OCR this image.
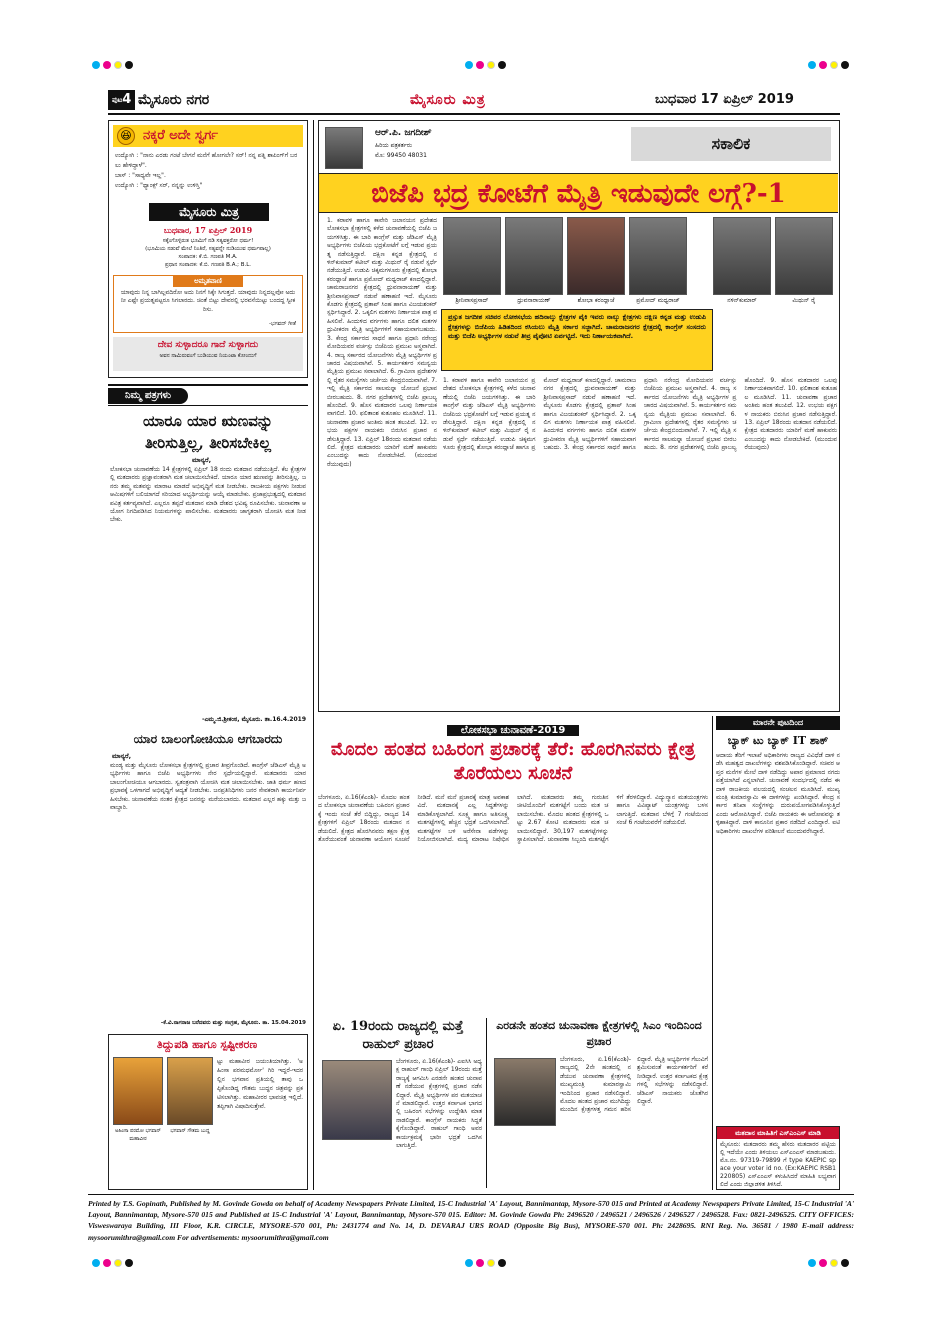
$^{ಪುಟ}$4 ಮೈಸೂರು ನಗರ	ಮೈಸೂರು ಮಿತ್ರ	ಬುಧವಾರ 17 ಏಪ್ರಿಲ್ 2019
😆 ನಕ್ಕರೆ ಅದೇ ಸ್ವರ್ಗ
ಉದ್ಯೋಗಿ : "ನಾನು ಎರಡು ಗಂಟೆ ಬೇಗನೆ ಮನೆಗೆ ಹೋಗಲೇ? ಸರ್! ನನ್ನ ಪತ್ನಿ ಶಾಪಿಂಗ್‌ಗೆ ಬರಲು ಹೇಳಿದ್ದಾಳೆ".
ಬಾಸ್ : "ಸಾಧ್ಯವೇ ಇಲ್ಲ".
ಉದ್ಯೋಗಿ : "ಥ್ಯಾಂಕ್ಸ್ ಸರ್, ನನ್ನನ್ನು ಉಳಿಸ್ತಿ"
ಮೈಸೂರು ಮಿತ್ರ
ಬುಧವಾರ, 17 ಏಪ್ರಿಲ್ 2019
ಸಕ್ಕೆಂಗೊಳ್ಳಿರುತ ಭೂಮಿಗೆ ನಡಿ ಸತ್ಯವಕ್ತರೋ ಧರ್ಮ!
(ಭೂಮಿಯ ನಡುವೆ ಮೇಲೆ ನಿಂತಿರೆ, ಸತ್ಯವನ್ನೇ ನುಡಿಯುವ ಧರ್ಮಪಾಲ್ಲ)
ಸಂಪಾದಕ: ಕೆ.ಬಿ. ಗಣಪತಿ M.A.
ಪ್ರಧಾನ ಸಂಪಾದಕ: ಕೆ.ಬಿ. ಗಣಪತಿ B.A.; B.L.
ಅಮೃತವಾಣಿ
ಯಾವುದು ನಿನ್ನ ಬಾಗಿಲ್ಲವದಿರೋ ಅದು ನಿನಗೆ ಸಿಕ್ಕೇ ಸಿಗುತ್ತದೆ. ಯಾವುದು ನಿನ್ನದಲ್ಲವೋ ಅದು ನೀ ಎಷ್ಟೇ ಪ್ರಯತ್ನಪಟ್ಟರೂ ಸಿಗಲಾರದು. ಚಿಂತೆ ಬಿಟ್ಟು ದೇವರಲ್ಲಿ ಭರವಸೆಯಿಟ್ಟು ಬಂದದ್ದ ಸ್ವೀಕರಿಸು.
-ಭಗವದ್ ಗೀತೆ
ದೇವ ಸುಳ್ಳಾದರೂ ಗಾದೆ ಸುಳ್ಳಾಗದು
ಅವನ ನಾಮಿರುವಂಗೆ ಬುಡಿಯುವ ನಿಯಂಟಾ ಕೋಂದುಗೆ
ನಿಮ್ಮ ಪತ್ರಗಳು
ಯಾರೂ ಯಾರ ಋಣವನ್ನು ತೀರಿಸುತ್ತಿಲ್ಲ, ತೀರಿಸಬೇಕಿಲ್ಲ
ಮಾನ್ಯರೆ,
ಲೋಕಸಭಾ ಚುನಾವಣೆಯ 14 ಕ್ಷೇತ್ರಗಳಲ್ಲಿ ಏಪ್ರಿಲ್ 18 ರಂದು ಮತದಾನ ನಡೆಯುತ್ತಿದೆ. ಕೆಲ ಕ್ಷೇತ್ರಗಳಲ್ಲಿ ಮತದಾರರು ಪ್ರಜ್ಞಾವಂತರಾಗಿ ಮತ ಚಲಾಯಿಸಬೇಕಿದೆ. ಯಾರೂ ಯಾರ ಋಣವನ್ನು ತೀರಿಸುತ್ತಿಲ್ಲ. ಜನರು ತಮ್ಮ ಮತವನ್ನು ಮಾರಾಟ ಮಾಡದೆ ಅಭಿವೃದ್ಧಿಗೆ ಮತ ನೀಡಬೇಕು. ರಾಜಕೀಯ ಪಕ್ಷಗಳು ನೀಡುವ ಆಮಿಷಗಳಿಗೆ ಬಲಿಯಾಗದೆ ಸರಿಯಾದ ಅಭ್ಯರ್ಥಿಯನ್ನು ಆಯ್ಕೆ ಮಾಡಬೇಕು. ಪ್ರಜಾಪ್ರಭುತ್ವದಲ್ಲಿ ಮತದಾನ ಪವಿತ್ರ ಕರ್ತವ್ಯವಾಗಿದೆ. ಎಲ್ಲರೂ ತಪ್ಪದೆ ಮತದಾನ ಮಾಡಿ ದೇಶದ ಭವಿಷ್ಯ ರೂಪಿಸಬೇಕು. ಚುನಾವಣಾ ಆಯೋಗ ನಿಗದಿಪಡಿಸಿದ ನಿಯಮಗಳನ್ನು ಪಾಲಿಸಬೇಕು. ಮತದಾರರು ಜಾಗೃತರಾಗಿ ಯೋಚಿಸಿ ಮತ ನೀಡಬೇಕು.
-ಎಮ್ಮ.ಜಿ.ಶ್ರೀಕಂಠ, ಮೈಸೂರು. ತಾ.16.4.2019
ಯಾರ ಬಾಲಂಗೋಚಿಯೂ ಆಗಬಾರದು
ಮಾನ್ಯರೆ,
ಮಂಡ್ಯ ಮತ್ತು ಮೈಸೂರು ಲೋಕಸಭಾ ಕ್ಷೇತ್ರಗಳಲ್ಲಿ ಪ್ರಚಾರ ತೀವ್ರಗೊಂಡಿದೆ. ಕಾಂಗ್ರೆಸ್ ಜೆಡಿಎಸ್ ಮೈತ್ರಿ ಅಭ್ಯರ್ಥಿಗಳು ಹಾಗೂ ಬಿಜೆಪಿ ಅಭ್ಯರ್ಥಿಗಳು ನೇರ ಸ್ಪರ್ಧೆಯಲ್ಲಿದ್ದಾರೆ. ಮತದಾರರು ಯಾರ ಬಾಲಂಗೋಚಿಯೂ ಆಗಬಾರದು. ಸ್ವತಂತ್ರವಾಗಿ ಯೋಚಿಸಿ ಮತ ಚಲಾಯಿಸಬೇಕು. ಜಾತಿ ಧರ್ಮ ಹಣದ ಪ್ರಭಾವಕ್ಕೆ ಒಳಗಾಗದೆ ಅಭಿವೃದ್ಧಿಗೆ ಆದ್ಯತೆ ನೀಡಬೇಕು. ಜನಪ್ರತಿನಿಧಿಗಳು ಜನರ ಸೇವಕರಾಗಿ ಕಾರ್ಯನಿರ್ವಹಿಸಬೇಕು. ಚುನಾವಣೆಯ ನಂತರ ಕ್ಷೇತ್ರದ ಜನರನ್ನು ಮರೆಯಬಾರದು. ಮತದಾನ ಎಲ್ಲರ ಹಕ್ಕು ಮತ್ತು ಜವಾಬ್ದಾರಿ.
-ಕೆ.ವಿ.ನಾಗರಾಜ ಬರೆದವರು ಮತ್ತು ಸಂಗ್ರಹ, ಮೈಸೂರು. ತಾ. 15.04.2019
ತಿದ್ದುಪಡಿ ಹಾಗೂ ಸ್ಪಷ್ಟೀಕರಣ
ಅಹಿಂಸಾ ಪರಮೋ ಭಗವಾನ್ ಮಹಾವೀರ
ಭಗವಾನ್ ಗೌತಮ ಬುದ್ಧ
ಟ್ಟು ಮಹಾವೀರ ಜಯಂತಿಯಾಗಿತ್ತು. 'ಅಹಿಂಸಾ ಪರಮಧರ್ಮೋ' ಗಿರಿ ಇದ್ದರೆ-ಇದರಲ್ಲಿನ ಭಗವಾನ ಪ್ರತಿಯಲ್ಲಿ ತಾವು ಒಪ್ಪಿಕೊಂಡಿದ್ದ ಗೌತಮ ಬುದ್ಧನ ಚಿತ್ರವನ್ನು ಪ್ರಕಟಿಸಲಾಗಿತ್ತು. ಮಹಾವೀರರ ಭಾವಚಿತ್ರ ಇಲ್ಲಿದೆ. ತಪ್ಪಿಗಾಗಿ ವಿಷಾದಿಸುತ್ತೇವೆ.
ಆರ್.ಪಿ. ಜಗದೀಶ್
ಹಿರಿಯ ಪತ್ರಕರ್ತರು
ಮೊ: 99450 48031
ಸಕಾಲಿಕ
ಬಿಜೆಪಿ ಭದ್ರ ಕೋಟೆಗೆ ಮೈತ್ರಿ ಇಡುವುದೇ ಲಗ್ಗೆ?-1
ಶ್ರೀನಿವಾಸಪ್ರಸಾದ್	ಧ್ರುವನಾರಾಯಣ್	ಶೋಭಾ ಕರಂದ್ಲಾಜೆ	ಪ್ರಮೋದ್ ಮಧ್ವರಾಜ್	ನಳಿನ್‌ಕುಮಾರ್	ಮಿಥುನ್ ರೈ
ಪ್ರಸ್ತುತ ಜಗದೀಶ ಸಚಿವರ ಲೋಕಸಭೆಯ ಹದಿನಾಲ್ಕು ಕ್ಷೇತ್ರಗಳ ಪೈಕಿ ಇವರು ನಾಲ್ಕು ಕ್ಷೇತ್ರಗಳು ದಕ್ಷಿಣ ಕನ್ನಡ ಮತ್ತು ಉಡುಪಿ ಕ್ಷೇತ್ರಗಳನ್ನು ಬಿಜೆಪಿಯ ಹಿಡಿತದಿಂದ ಕಸಿಯಲು ಮೈತ್ರಿ ಸರ್ಕಾರ ಸಜ್ಜಾಗಿದೆ. ಚಾಮರಾಜನಗರ ಕ್ಷೇತ್ರದಲ್ಲಿ ಕಾಂಗ್ರೆಸ್ ಸಂಸದರು ಮತ್ತು ಬಿಜೆಪಿ ಅಭ್ಯರ್ಥಿಗಳ ನಡುವೆ ತೀವ್ರ ಪೈಪೋಟಿ ಏರ್ಪಟ್ಟಿದೆ. ಇದು ನಿರ್ಣಾಯಕವಾಗಿದೆ.
1. ಕರಾವಳಿ ಹಾಗೂ ಕಾವೇರಿ ಜಲಾನಯನ ಪ್ರದೇಶದ ಲೋಕಸಭಾ ಕ್ಷೇತ್ರಗಳಲ್ಲಿ ಕಳೆದ ಚುನಾವಣೆಯಲ್ಲಿ ಬಿಜೆಪಿ ಜಯಗಳಿಸಿತ್ತು. ಈ ಬಾರಿ ಕಾಂಗ್ರೆಸ್ ಮತ್ತು ಜೆಡಿಎಸ್ ಮೈತ್ರಿ ಅಭ್ಯರ್ಥಿಗಳು ಬಿಜೆಪಿಯ ಭದ್ರಕೋಟೆಗೆ ಲಗ್ಗೆ ಇಡುವ ಪ್ರಯತ್ನ ನಡೆಸುತ್ತಿದ್ದಾರೆ. ದಕ್ಷಿಣ ಕನ್ನಡ ಕ್ಷೇತ್ರದಲ್ಲಿ ನಳಿನ್‌ಕುಮಾರ್ ಕಟೀಲ್ ಮತ್ತು ಮಿಥುನ್ ರೈ ನಡುವೆ ಸ್ಪರ್ಧೆ ನಡೆಯುತ್ತಿದೆ. ಉಡುಪಿ ಚಿಕ್ಕಮಗಳೂರು ಕ್ಷೇತ್ರದಲ್ಲಿ ಶೋಭಾ ಕರಂದ್ಲಾಜೆ ಹಾಗೂ ಪ್ರಮೋದ್ ಮಧ್ವರಾಜ್ ಕಣದಲ್ಲಿದ್ದಾರೆ. ಚಾಮರಾಜನಗರ ಕ್ಷೇತ್ರದಲ್ಲಿ ಧ್ರುವನಾರಾಯಣ್ ಮತ್ತು ಶ್ರೀನಿವಾಸಪ್ರಸಾದ್ ನಡುವೆ ಹಣಾಹಣಿ ಇದೆ. ಮೈಸೂರು ಕೊಡಗು ಕ್ಷೇತ್ರದಲ್ಲಿ ಪ್ರತಾಪ್ ಸಿಂಹ ಹಾಗೂ ವಿಜಯಶಂಕರ್ ಸ್ಪರ್ಧಿಸಿದ್ದಾರೆ. 2. ಒಕ್ಕಲಿಗ ಮತಗಳು ನಿರ್ಣಾಯಕ ಪಾತ್ರ ವಹಿಸಲಿವೆ. ಹಿಂದುಳಿದ ವರ್ಗಗಳು ಹಾಗೂ ದಲಿತ ಮತಗಳ ಧ್ರುವೀಕರಣ ಮೈತ್ರಿ ಅಭ್ಯರ್ಥಿಗಳಿಗೆ ಸಹಾಯವಾಗಬಹುದು. 3. ಕೇಂದ್ರ ಸರ್ಕಾರದ ಸಾಧನೆ ಹಾಗೂ ಪ್ರಧಾನಿ ನರೇಂದ್ರ ಮೋದಿಯವರ ವರ್ಚಸ್ಸು ಬಿಜೆಪಿಯ ಪ್ರಮುಖ ಅಸ್ತ್ರವಾಗಿದೆ. 4. ರಾಜ್ಯ ಸರ್ಕಾರದ ಯೋಜನೆಗಳು ಮೈತ್ರಿ ಅಭ್ಯರ್ಥಿಗಳ ಪ್ರಚಾರದ ವಿಷಯವಾಗಿವೆ. 5. ಕಾರ್ಯಕರ್ತರ ಸಮನ್ವಯ ಮೈತ್ರಿಯ ಪ್ರಮುಖ ಸವಾಲಾಗಿದೆ. 6. ಗ್ರಾಮೀಣ ಪ್ರದೇಶಗಳಲ್ಲಿ ರೈತರ ಸಮಸ್ಯೆಗಳು ಚರ್ಚೆಯ ಕೇಂದ್ರಬಿಂದುವಾಗಿವೆ. 7. ಇಲ್ಲಿ ಮೈತ್ರಿ ಸರ್ಕಾರದ ಸಾಲಮನ್ನಾ ಯೋಜನೆ ಪ್ರಭಾವ ಬೀರಬಹುದು. 8. ನಗರ ಪ್ರದೇಶಗಳಲ್ಲಿ ಬಿಜೆಪಿ ಪ್ರಾಬಲ್ಯ ಹೊಂದಿದೆ. 9. ಹೊಸ ಮತದಾರರ ಒಲವು ನಿರ್ಣಾಯಕವಾಗಲಿದೆ. 10. ಫಲಿತಾಂಶ ಕುತೂಹಲ ಮೂಡಿಸಿದೆ. 11. ಚುನಾವಣಾ ಪ್ರಚಾರ ಅಂತಿಮ ಹಂತ ತಲುಪಿದೆ. 12. ಉಭಯ ಪಕ್ಷಗಳ ನಾಯಕರು ಬಿರುಸಿನ ಪ್ರಚಾರ ನಡೆಸುತ್ತಿದ್ದಾರೆ. 13. ಏಪ್ರಿಲ್ 18ರಂದು ಮತದಾನ ನಡೆಯಲಿದೆ. ಕ್ಷೇತ್ರದ ಮತದಾರರು ಯಾರಿಗೆ ಮಣೆ ಹಾಕುವರು ಎಂಬುದನ್ನು ಕಾದು ನೋಡಬೇಕಿದೆ. (ಮುಂದುವರೆಯುವುದು)
1. ಕರಾವಳಿ ಹಾಗೂ ಕಾವೇರಿ ಜಲಾನಯನ ಪ್ರದೇಶದ ಲೋಕಸಭಾ ಕ್ಷೇತ್ರಗಳಲ್ಲಿ ಕಳೆದ ಚುನಾವಣೆಯಲ್ಲಿ ಬಿಜೆಪಿ ಜಯಗಳಿಸಿತ್ತು. ಈ ಬಾರಿ ಕಾಂಗ್ರೆಸ್ ಮತ್ತು ಜೆಡಿಎಸ್ ಮೈತ್ರಿ ಅಭ್ಯರ್ಥಿಗಳು ಬಿಜೆಪಿಯ ಭದ್ರಕೋಟೆಗೆ ಲಗ್ಗೆ ಇಡುವ ಪ್ರಯತ್ನ ನಡೆಸುತ್ತಿದ್ದಾರೆ. ದಕ್ಷಿಣ ಕನ್ನಡ ಕ್ಷೇತ್ರದಲ್ಲಿ ನಳಿನ್‌ಕುಮಾರ್ ಕಟೀಲ್ ಮತ್ತು ಮಿಥುನ್ ರೈ ನಡುವೆ ಸ್ಪರ್ಧೆ ನಡೆಯುತ್ತಿದೆ. ಉಡುಪಿ ಚಿಕ್ಕಮಗಳೂರು ಕ್ಷೇತ್ರದಲ್ಲಿ ಶೋಭಾ ಕರಂದ್ಲಾಜೆ ಹಾಗೂ ಪ್ರಮೋದ್ ಮಧ್ವರಾಜ್ ಕಣದಲ್ಲಿದ್ದಾರೆ. ಚಾಮರಾಜನಗರ ಕ್ಷೇತ್ರದಲ್ಲಿ ಧ್ರುವನಾರಾಯಣ್ ಮತ್ತು ಶ್ರೀನಿವಾಸಪ್ರಸಾದ್ ನಡುವೆ ಹಣಾಹಣಿ ಇದೆ. ಮೈಸೂರು ಕೊಡಗು ಕ್ಷೇತ್ರದಲ್ಲಿ ಪ್ರತಾಪ್ ಸಿಂಹ ಹಾಗೂ ವಿಜಯಶಂಕರ್ ಸ್ಪರ್ಧಿಸಿದ್ದಾರೆ. 2. ಒಕ್ಕಲಿಗ ಮತಗಳು ನಿರ್ಣಾಯಕ ಪಾತ್ರ ವಹಿಸಲಿವೆ. ಹಿಂದುಳಿದ ವರ್ಗಗಳು ಹಾಗೂ ದಲಿತ ಮತಗಳ ಧ್ರುವೀಕರಣ ಮೈತ್ರಿ ಅಭ್ಯರ್ಥಿಗಳಿಗೆ ಸಹಾಯವಾಗಬಹುದು. 3. ಕೇಂದ್ರ ಸರ್ಕಾರದ ಸಾಧನೆ ಹಾಗೂ ಪ್ರಧಾನಿ ನರೇಂದ್ರ ಮೋದಿಯವರ ವರ್ಚಸ್ಸು ಬಿಜೆಪಿಯ ಪ್ರಮುಖ ಅಸ್ತ್ರವಾಗಿದೆ. 4. ರಾಜ್ಯ ಸರ್ಕಾರದ ಯೋಜನೆಗಳು ಮೈತ್ರಿ ಅಭ್ಯರ್ಥಿಗಳ ಪ್ರಚಾರದ ವಿಷಯವಾಗಿವೆ. 5. ಕಾರ್ಯಕರ್ತರ ಸಮನ್ವಯ ಮೈತ್ರಿಯ ಪ್ರಮುಖ ಸವಾಲಾಗಿದೆ. 6. ಗ್ರಾಮೀಣ ಪ್ರದೇಶಗಳಲ್ಲಿ ರೈತರ ಸಮಸ್ಯೆಗಳು ಚರ್ಚೆಯ ಕೇಂದ್ರಬಿಂದುವಾಗಿವೆ. 7. ಇಲ್ಲಿ ಮೈತ್ರಿ ಸರ್ಕಾರದ ಸಾಲಮನ್ನಾ ಯೋಜನೆ ಪ್ರಭಾವ ಬೀರಬಹುದು. 8. ನಗರ ಪ್ರದೇಶಗಳಲ್ಲಿ ಬಿಜೆಪಿ ಪ್ರಾಬಲ್ಯ ಹೊಂದಿದೆ. 9. ಹೊಸ ಮತದಾರರ ಒಲವು ನಿರ್ಣಾಯಕವಾಗಲಿದೆ. 10. ಫಲಿತಾಂಶ ಕುತೂಹಲ ಮೂಡಿಸಿದೆ. 11. ಚುನಾವಣಾ ಪ್ರಚಾರ ಅಂತಿಮ ಹಂತ ತಲುಪಿದೆ. 12. ಉಭಯ ಪಕ್ಷಗಳ ನಾಯಕರು ಬಿರುಸಿನ ಪ್ರಚಾರ ನಡೆಸುತ್ತಿದ್ದಾರೆ. 13. ಏಪ್ರಿಲ್ 18ರಂದು ಮತದಾನ ನಡೆಯಲಿದೆ. ಕ್ಷೇತ್ರದ ಮತದಾರರು ಯಾರಿಗೆ ಮಣೆ ಹಾಕುವರು ಎಂಬುದನ್ನು ಕಾದು ನೋಡಬೇಕಿದೆ. (ಮುಂದುವರೆಯುವುದು)
ಲೋಕಸಭಾ ಚುನಾವಣೆ-2019
ಮೊದಲ ಹಂತದ ಬಹಿರಂಗ ಪ್ರಚಾರಕ್ಕೆ ತೆರೆ: ಹೊರಗಿನವರು ಕ್ಷೇತ್ರ ತೊರೆಯಲು ಸೂಚನೆ
ಬೆಂಗಳೂರು, ಏ.16(ಕೆಎಂಶಿ)- ಮೊದಲ ಹಂತದ ಲೋಕಸಭಾ ಚುನಾವಣೆಯ ಬಹಿರಂಗ ಪ್ರಚಾರಕ್ಕೆ ಇಂದು ಸಂಜೆ ತೆರೆ ಬಿದ್ದಿದ್ದು, ರಾಜ್ಯದ 14 ಕ್ಷೇತ್ರಗಳಿಗೆ ಏಪ್ರಿಲ್ 18ರಂದು ಮತದಾನ ನಡೆಯಲಿದೆ. ಕ್ಷೇತ್ರದ ಹೊರಗಿನವರು ತಕ್ಷಣ ಕ್ಷೇತ್ರ ತೊರೆಯುವಂತೆ ಚುನಾವಣಾ ಆಯೋಗ ಸೂಚನೆ ನೀಡಿದೆ. ಮನೆ ಮನೆ ಪ್ರಚಾರಕ್ಕೆ ಮಾತ್ರ ಅವಕಾಶವಿದೆ. ಮತದಾನಕ್ಕೆ ಎಲ್ಲ ಸಿದ್ಧತೆಗಳನ್ನು ಮಾಡಿಕೊಳ್ಳಲಾಗಿದೆ. ಸೂಕ್ಷ್ಮ ಹಾಗೂ ಅತಿಸೂಕ್ಷ್ಮ ಮತಗಟ್ಟೆಗಳಲ್ಲಿ ಹೆಚ್ಚಿನ ಭದ್ರತೆ ಒದಗಿಸಲಾಗಿದೆ. ಮತಗಟ್ಟೆಗಳ ಬಳಿ ಅರೆಸೇನಾ ಪಡೆಗಳನ್ನು ನಿಯೋಜಿಸಲಾಗಿದೆ. ಮದ್ಯ ಮಾರಾಟ ನಿಷೇಧಿಸಲಾಗಿದೆ. ಮತದಾರರು ತಮ್ಮ ಗುರುತಿನ ಚೀಟಿಯೊಂದಿಗೆ ಮತಗಟ್ಟೆಗೆ ಬಂದು ಮತ ಚಲಾಯಿಸಬೇಕು. ಮೊದಲ ಹಂತದ ಕ್ಷೇತ್ರಗಳಲ್ಲಿ ಒಟ್ಟು 2.67 ಕೋಟಿ ಮತದಾರರು ಮತ ಚಲಾಯಿಸಲಿದ್ದಾರೆ. 30,197 ಮತಗಟ್ಟೆಗಳನ್ನು ಸ್ಥಾಪಿಸಲಾಗಿದೆ. ಚುನಾವಣಾ ಸಿಬ್ಬಂದಿ ಮತಗಟ್ಟೆಗಳಿಗೆ ತೆರಳಲಿದ್ದಾರೆ. ವಿದ್ಯುನ್ಮಾನ ಮತಯಂತ್ರಗಳು ಹಾಗೂ ವಿವಿಪ್ಯಾಟ್ ಯಂತ್ರಗಳನ್ನು ಬಳಸಲಾಗುತ್ತಿದೆ. ಮತದಾನ ಬೆಳಿಗ್ಗೆ 7 ಗಂಟೆಯಿಂದ ಸಂಜೆ 6 ಗಂಟೆಯವರೆಗೆ ನಡೆಯಲಿದೆ.
ಏ. 19ರಂದು ರಾಜ್ಯದಲ್ಲಿ ಮತ್ತೆ ರಾಹುಲ್ ಪ್ರಚಾರ
ಬೆಂಗಳೂರು, ಏ.16(ಕೆಎಂಶಿ)- ಎಐಸಿಸಿ ಅಧ್ಯಕ್ಷ ರಾಹುಲ್ ಗಾಂಧಿ ಏಪ್ರಿಲ್ 19ರಂದು ಮತ್ತೆ ರಾಜ್ಯಕ್ಕೆ ಆಗಮಿಸಿ ಎರಡನೇ ಹಂತದ ಚುನಾವಣೆ ನಡೆಯುವ ಕ್ಷೇತ್ರಗಳಲ್ಲಿ ಪ್ರಚಾರ ನಡೆಸಲಿದ್ದಾರೆ. ಮೈತ್ರಿ ಅಭ್ಯರ್ಥಿಗಳ ಪರ ಮತಯಾಚನೆ ಮಾಡಲಿದ್ದಾರೆ. ಉತ್ತರ ಕರ್ನಾಟಕ ಭಾಗದಲ್ಲಿ ಬಹಿರಂಗ ಸಭೆಗಳನ್ನು ಉದ್ದೇಶಿಸಿ ಮಾತನಾಡಲಿದ್ದಾರೆ. ಕಾಂಗ್ರೆಸ್ ನಾಯಕರು ಸಿದ್ಧತೆ ಕೈಗೊಂಡಿದ್ದಾರೆ. ರಾಹುಲ್ ಗಾಂಧಿ ಅವರ ಕಾರ್ಯಕ್ರಮಕ್ಕೆ ಭಾರೀ ಭದ್ರತೆ ಒದಗಿಸಲಾಗುತ್ತಿದೆ.
ಎರಡನೇ ಹಂತದ ಚುನಾವಣಾ ಕ್ಷೇತ್ರಗಳಲ್ಲಿ ಸಿಎಂ ಇಂದಿನಿಂದ ಪ್ರಚಾರ
ಬೆಂಗಳೂರು, ಏ.16(ಕೆಎಂಶಿ)- ರಾಜ್ಯದಲ್ಲಿ 2ನೇ ಹಂತದಲ್ಲಿ ನಡೆಯುವ ಚುನಾವಣಾ ಕ್ಷೇತ್ರಗಳಲ್ಲಿ ಮುಖ್ಯಮಂತ್ರಿ ಕುಮಾರಸ್ವಾಮಿ ಇಂದಿನಿಂದ ಪ್ರಚಾರ ನಡೆಸಲಿದ್ದಾರೆ. ಮೊದಲ ಹಂತದ ಪ್ರಚಾರ ಮುಗಿದಿದ್ದು ಮುಂದಿನ ಕ್ಷೇತ್ರಗಳತ್ತ ಗಮನ ಹರಿಸಲಿದ್ದಾರೆ. ಮೈತ್ರಿ ಅಭ್ಯರ್ಥಿಗಳ ಗೆಲುವಿಗೆ ಶ್ರಮಿಸುವಂತೆ ಕಾರ್ಯಕರ್ತರಿಗೆ ಕರೆ ನೀಡಿದ್ದಾರೆ. ಉತ್ತರ ಕರ್ನಾಟಕದ ಕ್ಷೇತ್ರಗಳಲ್ಲಿ ಸಭೆಗಳನ್ನು ನಡೆಸಲಿದ್ದಾರೆ. ಜೆಡಿಎಸ್ ನಾಯಕರು ಜೊತೆಗಿರಲಿದ್ದಾರೆ.
ಮಾರನೇ ಪುಟದಿಂದ
ಬ್ಯಾಕ್ ಟು ಬ್ಯಾಕ್ IT ಶಾಕ್
ಆದಾಯ ತೆರಿಗೆ ಇಲಾಖೆ ಅಧಿಕಾರಿಗಳು ರಾಜ್ಯದ ವಿವಿಧೆಡೆ ದಾಳಿ ನಡೆಸಿ ಮಹತ್ವದ ದಾಖಲೆಗಳನ್ನು ವಶಪಡಿಸಿಕೊಂಡಿದ್ದಾರೆ. ಸಚಿವರ ಆಪ್ತರ ಮನೆಗಳ ಮೇಲೆ ದಾಳಿ ನಡೆದಿದ್ದು ಅಪಾರ ಪ್ರಮಾಣದ ನಗದು ಪತ್ತೆಯಾಗಿದೆ ಎನ್ನಲಾಗಿದೆ. ಚುನಾವಣೆ ಸಂದರ್ಭದಲ್ಲಿ ನಡೆದ ಈ ದಾಳಿ ರಾಜಕೀಯ ವಲಯದಲ್ಲಿ ಸಂಚಲನ ಮೂಡಿಸಿದೆ. ಮುಖ್ಯಮಂತ್ರಿ ಕುಮಾರಸ್ವಾಮಿ ಈ ದಾಳಿಗಳನ್ನು ಖಂಡಿಸಿದ್ದಾರೆ. ಕೇಂದ್ರ ಸರ್ಕಾರ ತನಿಖಾ ಸಂಸ್ಥೆಗಳನ್ನು ದುರುಪಯೋಗಪಡಿಸಿಕೊಳ್ಳುತ್ತಿದೆ ಎಂದು ಆರೋಪಿಸಿದ್ದಾರೆ. ಬಿಜೆಪಿ ನಾಯಕರು ಈ ಆರೋಪವನ್ನು ತಳ್ಳಿಹಾಕಿದ್ದಾರೆ. ದಾಳಿ ಕಾನೂನಿನ ಪ್ರಕಾರ ನಡೆದಿದೆ ಎಂದಿದ್ದಾರೆ. ಐಟಿ ಅಧಿಕಾರಿಗಳು ದಾಖಲೆಗಳ ಪರಿಶೀಲನೆ ಮುಂದುವರೆಸಿದ್ದಾರೆ.
ಮತದಾನ ಮಾಹಿತಿಗೆ ಎಸ್‌ಎಂಎಸ್ ಮಾಡಿ
ಮೈಸೂರು: ಮತದಾರರು ತಮ್ಮ ಹೆಸರು ಮತದಾರರ ಪಟ್ಟಿಯಲ್ಲಿ ಇದೆಯೇ ಎಂದು ತಿಳಿಯಲು ಎಸ್‌ಎಂಎಸ್ ಮಾಡಬಹುದು. ಮೊ.ನಂ. 97319-79899 ಗೆ type KAEPIC space your voter id no. (Ex:KAEPIC RSB1220805) ಎಸ್‌ಎಂಎಸ್ ಕಳುಹಿಸಿದರೆ ಮಾಹಿತಿ ಲಭ್ಯವಾಗಲಿದೆ ಎಂದು ಜಿಲ್ಲಾಡಳಿತ ತಿಳಿಸಿದೆ.
Printed by T.S. Gopinath, Published by M. Govinde Gowda on behalf of Academy Newspapers Private Limited, 15-C Industrial 'A' Layout, Bannimantap, Mysore-570 015 and Printed at Academy Newspapers Private Limited, 15-C Industrial 'A' Layout, Bannimantap, Mysore-570 015 and Published at 15-C Industrial 'A' Layout, Bannimantap, Mysore-570 015. Editor: M. Govinde Gowda Ph: 2496520 / 2496521 / 2496526 / 2496527 / 2496528. Fax: 0821-2496525. CITY OFFICES: Visweswaraya Building, III Floor, K.R. CIRCLE, MYSORE-570 001, Ph: 2431774 and No. 14, D. DEVARAJ URS ROAD (Opposite Big Bus), MYSORE-570 001. Ph: 2428695. RNI Reg. No. 36581 / 1980 E-mail address: mysoorumithra@gmail.com For advertisements: mysoorumithra@gmail.com
